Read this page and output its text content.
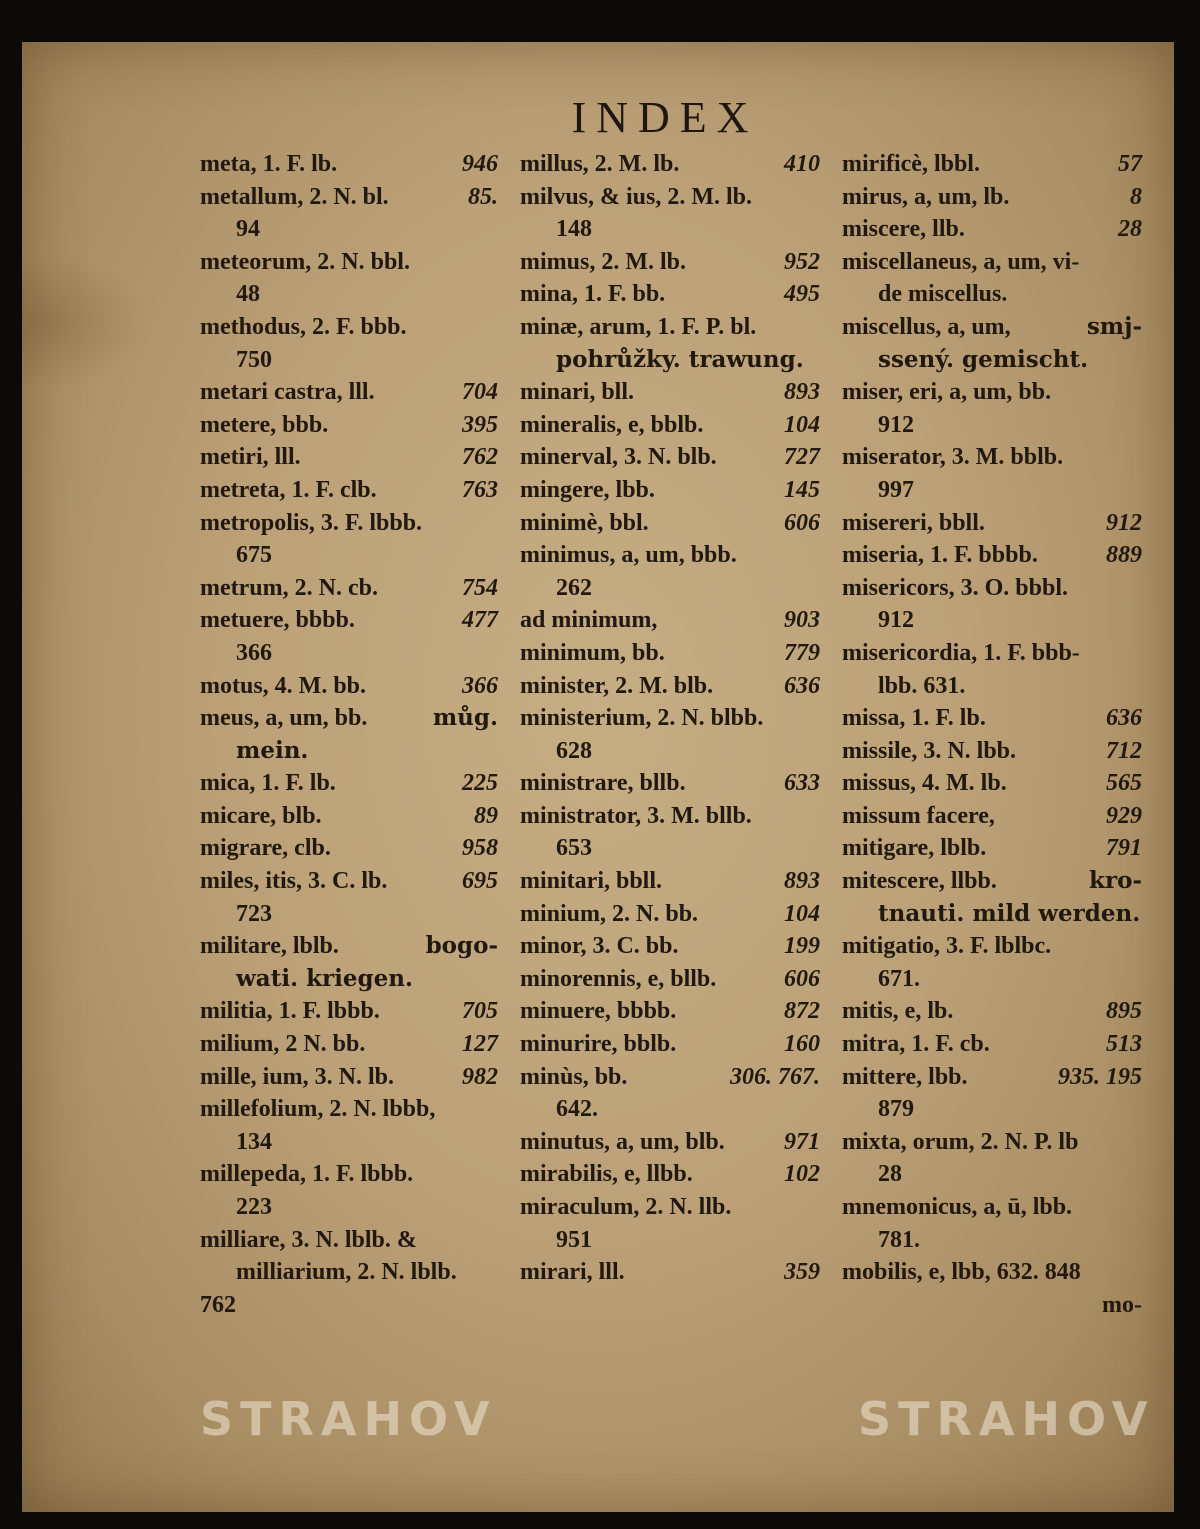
INDEX
meta, 1. F. lb.	946
metallum, 2. N. bl.	85.
94
meteorum, 2. N. bbl.
48
methodus, 2. F. bbb.
750
metari castra, lll.	704
metere, bbb.	395
metiri, lll.	762
metreta, 1. F. clb.	763
metropolis, 3. F. lbbb.
675
metrum, 2. N. cb.	754
metuere, bbbb.	477
366
motus, 4. M. bb.	366
meus, a, um, bb.	můg.
mein.
mica, 1. F. lb.	225
micare, blb.	89
migrare, clb.	958
miles, itis, 3. C. lb.	695
723
militare, lblb.	bogo-
wati. kriegen.
militia, 1. F. lbbb.	705
milium, 2 N. bb.	127
mille, ium, 3. N. lb.	982
millefolium, 2. N. lbbb,
134
millepeda, 1. F. lbbb.
223
milliare, 3. N. lblb. &
milliarium, 2. N. lblb.
762
millus, 2. M. lb.	410
milvus, & ius, 2. M. lb.
148
mimus, 2. M. lb.	952
mina, 1. F. bb.	495
minæ, arum, 1. F. P. bl.
pohrůžky. trawung.
minari, bll.	893
mineralis, e, bblb.	104
minerval, 3. N. blb.	727
mingere, lbb.	145
minimè, bbl.	606
minimus, a, um, bbb.
262
ad minimum,	903
minimum, bb.	779
minister, 2. M. blb.	636
ministerium, 2. N. blbb.
628
ministrare, bllb.	633
ministrator, 3. M. bllb.
653
minitari, bbll.	893
minium, 2. N. bb.	104
minor, 3. C. bb.	199
minorennis, e, bllb.	606
minuere, bbbb.	872
minurire, bblb.	160
minùs, bb.	306. 767.
642.
minutus, a, um, blb. 971
mirabilis, e, llbb.	102
miraculum, 2. N. llb.
951
mirari, lll.	359
mirificè, lbbl.	57
mirus, a, um, lb.	8
miscere, llb.	28
miscellaneus, a, um, vi-
de miscellus.
miscellus, a, um,	smj-
ssený. gemischt.
miser, eri, a, um, bb.
912
miserator, 3. M. bblb.
997
misereri, bbll.	912
miseria, 1. F. bbbb.	889
misericors, 3. O. bbbl.
912
misericordia, 1. F. bbb-
lbb. 631.
missa, 1. F. lb.	636
missile, 3. N. lbb.	712
missus, 4. M. lb.	565
missum facere,	929
mitigare, lblb.	791
mitescere, llbb.	kro-
tnauti. mild werden.
mitigatio, 3. F. lblbc.
671.
mitis, e, lb.	895
mitra, 1. F. cb.	513
mittere, lbb.	935. 195
879
mixta, orum, 2. N. P. lb
28
mnemonicus, a, ū, lbb.
781.
mobilis, e, lbb, 632. 848
mo-
STRAHOV	STRAHOV
